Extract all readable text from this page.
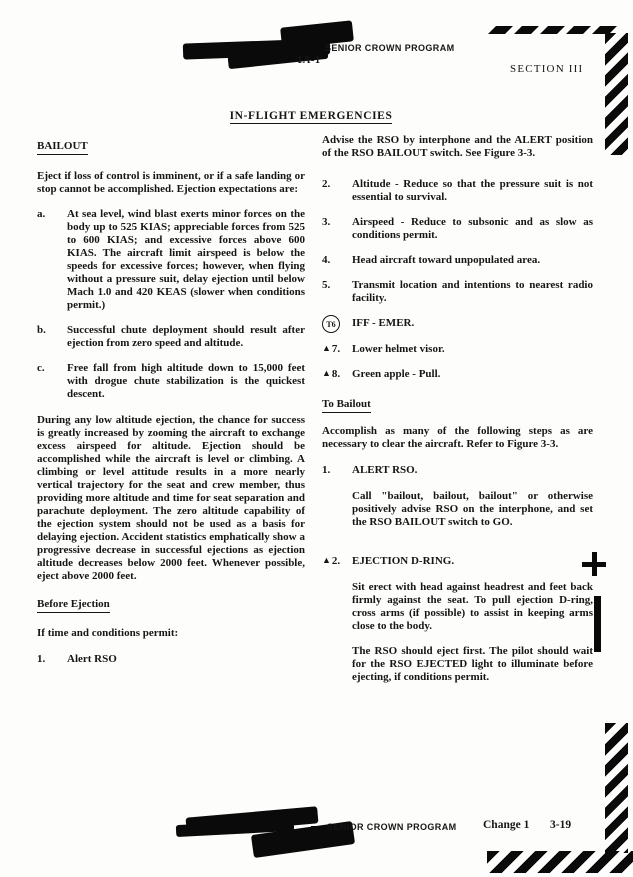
SENIOR CROWN PROGRAM
1A-1
SECTION III
IN-FLIGHT EMERGENCIES
BAILOUT

Eject if loss of control is imminent, or if a safe landing or stop cannot be accomplished. Ejection expectations are:

a.	At sea level, wind blast exerts minor forces on the body up to 525 KIAS; appreciable forces from 525 to 600 KIAS; and excessive forces above 600 KIAS. The aircraft limit airspeed is below the speeds for excessive forces; however, when flying without a pressure suit, delay ejection until below Mach 1.0 and 420 KEAS (slower when conditions permit.)
b.	Successful chute deployment should result after ejection from zero speed and altitude.
c.	Free fall from high altitude down to 15,000 feet with drogue chute stabilization is the quickest descent.

During any low altitude ejection, the chance for success is greatly increased by zooming the aircraft to exchange excess airspeed for altitude. Ejection should be accomplished while the aircraft is level or climbing. A climbing or level attitude results in a more nearly vertical trajectory for the seat and crew member, thus providing more altitude and time for seat separation and parachute deployment. The zero altitude capability of the ejection system should not be used as a basis for delaying ejection. Accident statistics emphatically show a progressive decrease in successful ejections as ejection altitude decreases below 2000 feet. Whenever possible, eject above 2000 feet.

Before Ejection

If time and conditions permit:

1.	Alert RSO

Advise the RSO by interphone and the ALERT position of the RSO BAILOUT switch. See Figure 3-3.

2.	Altitude - Reduce so that the pressure suit is not essential to survival.
3.	Airspeed - Reduce to subsonic and as slow as conditions permit.
4.	Head aircraft toward unpopulated area.
5.	Transmit location and intentions to nearest radio facility.
T6 IFF - EMER.
▲7.	Lower helmet visor.
▲8.	Green apple - Pull.
To Bailout

Accomplish as many of the following steps as are necessary to clear the aircraft. Refer to Figure 3-3.

1.	ALERT RSO.

Call "bailout, bailout, bailout" or otherwise positively advise RSO on the interphone, and set the RSO BAILOUT switch to GO.

▲2.	EJECTION D-RING.

Sit erect with head against headrest and feet back firmly against the seat. To pull ejection D-ring, cross arms (if possible) to assist in keeping arms close to the body.

The RSO should eject first. The pilot should wait for the RSO EJECTED light to illuminate before ejecting, if conditions permit.

SENIOR CROWN PROGRAM Change 1 3-19
